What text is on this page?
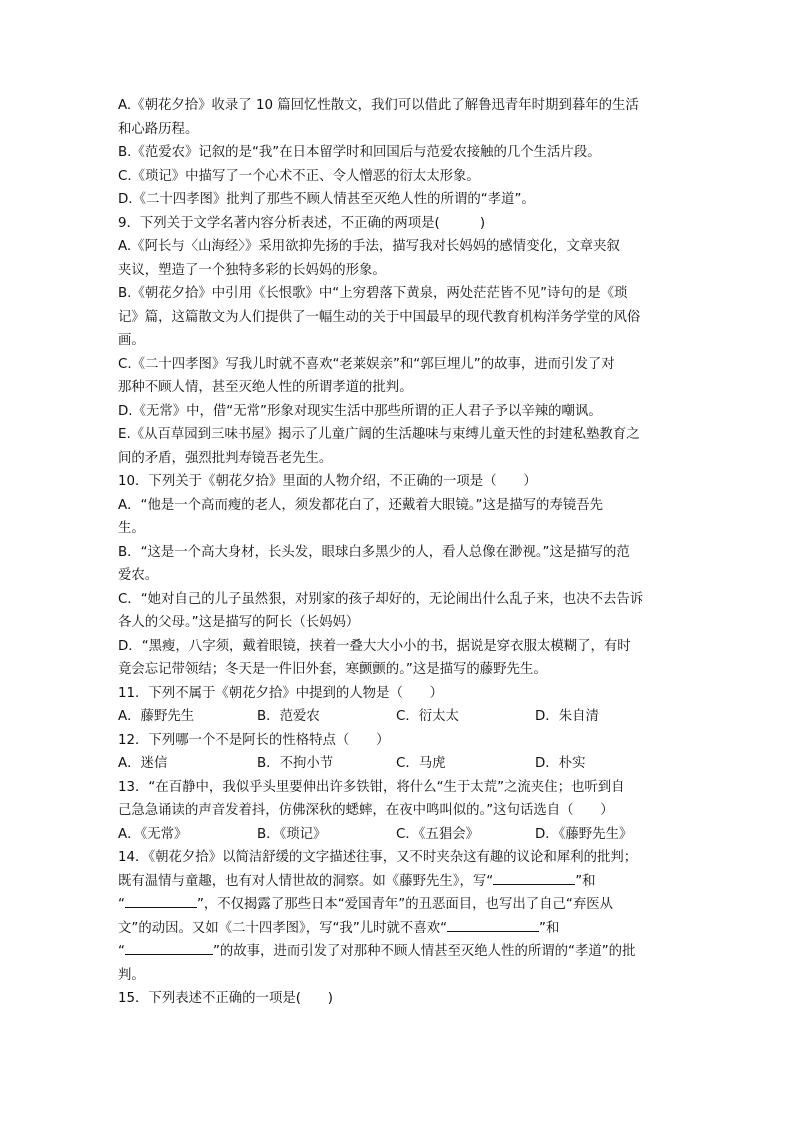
A.《朝花夕拾》收录了 10 篇回忆性散文，我们可以借此了解鲁迅青年时期到暮年的生活
和心路历程。
B.《范爱农》记叙的是“我”在日本留学时和回国后与范爱农接触的几个生活片段。
C.《琐记》中描写了一个心术不正、令人憎恶的衍太太形象。
D.《二十四孝图》批判了那些不顾人情甚至灭绝人性的所谓的“孝道”。
9．下列关于文学名著内容分析表述，不正确的两项是(　　　)
A.《阿长与〈山海经〉》采用欲抑先扬的手法，描写我对长妈妈的感情变化，文章夹叙
夹议，塑造了一个独特多彩的长妈妈的形象。
B.《朝花夕拾》中引用《长恨歌》中“上穷碧落下黄泉，两处茫茫皆不见”诗句的是《琐
记》篇，这篇散文为人们提供了一幅生动的关于中国最早的现代教育机构洋务学堂的风俗
画。
C.《二十四孝图》写我儿时就不喜欢“老莱娱亲”和“郭巨埋儿”的故事，进而引发了对
那种不顾人情，甚至灭绝人性的所谓孝道的批判。
D.《无常》中，借“无常”形象对现实生活中那些所谓的正人君子予以辛辣的嘲讽。
E.《从百草园到三味书屋》揭示了儿童广阔的生活趣味与束缚儿童天性的封建私塾教育之
间的矛盾，强烈批判寿镜吾老先生。
10．下列关于《朝花夕拾》里面的人物介绍，不正确的一项是（　　）
A．“他是一个高而瘦的老人，须发都花白了，还戴着大眼镜。”这是描写的寿镜吾先
生。
B．“这是一个高大身材，长头发，眼球白多黑少的人，看人总像在渺视。”这是描写的范
爱农。
C．“她对自己的儿子虽然狠，对别家的孩子却好的，无论闹出什么乱子来，也决不去告诉
各人的父母。”这是描写的阿长（长妈妈）
D．“黑瘦，八字须，戴着眼镜，挟着一叠大大小小的书，据说是穿衣服太模糊了，有时
竟会忘记带领结；冬天是一件旧外套，寒颤颤的。”这是描写的藤野先生。
11．下列不属于《朝花夕拾》中提到的人物是（　　）
A．藤野先生	B．范爱农	C．衍太太	D．朱自清
12．下列哪一个不是阿长的性格特点（　　）
A．迷信	B．不拘小节	C．马虎	D．朴实
13．“在百静中，我似乎头里要伸出许多铁钳，将什么“生于太荒”之流夹住；也听到自
己急急诵读的声音发着抖，仿佛深秋的蟋蟀，在夜中鸣叫似的。”这句话选自（　　）
A．《无常》	B．《琐记》	C．《五猖会》	D．《藤野先生》
14．《朝花夕拾》以简洁舒缓的文字描述往事，又不时夹杂这有趣的议论和犀利的批判；
既有温情与童趣，也有对人情世故的洞察。如《藤野先生》，写“	”和
“	”，不仅揭露了那些日本“爱国青年”的丑恶面目，也写出了自己“弃医从
文”的动因。又如《二十四孝图》，写“我”儿时就不喜欢“	”和
“	”的故事，进而引发了对那种不顾人情甚至灭绝人性的所谓的“孝道”的批
判。
15．下列表述不正确的一项是(　　)
